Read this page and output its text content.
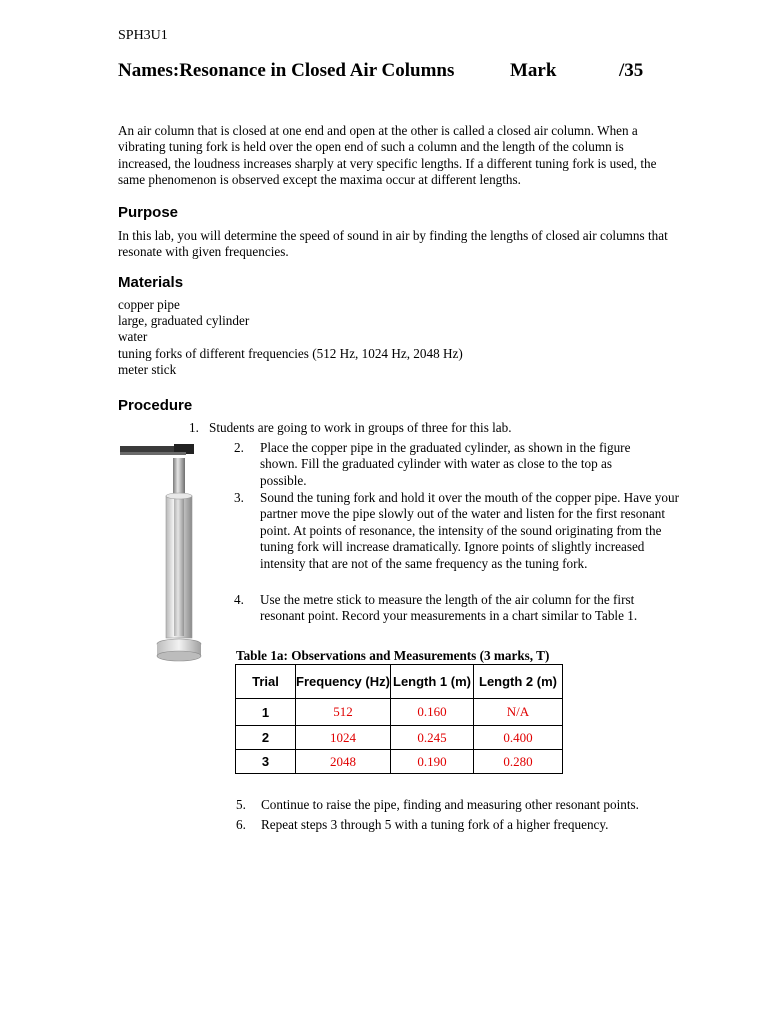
SPH3U1
Names:Resonance in Closed Air Columns	Mark	/35
An air column that is closed at one end and open at the other is called a closed air column. When a vibrating tuning fork is held over the open end of such a column and the length of the column is increased, the loudness increases sharply at very specific lengths. If a different tuning fork is used, the same phenomenon is observed except the maxima occur at different lengths.
Purpose
In this lab, you will determine the speed of sound in air by finding the lengths of closed air columns that resonate with given frequencies.
Materials
copper pipe
large, graduated cylinder
water
tuning forks of different frequencies (512 Hz, 1024 Hz, 2048 Hz)
meter stick
Procedure
1. Students are going to work in groups of three for this lab.
2. Place the copper pipe in the graduated cylinder, as shown in the figure shown. Fill the graduated cylinder with water as close to the top as possible.
3. Sound the tuning fork and hold it over the mouth of the copper pipe. Have your partner move the pipe slowly out of the water and listen for the first resonant point. At points of resonance, the intensity of the sound originating from the tuning fork will increase dramatically. Ignore points of slightly increased intensity that are not of the same frequency as the tuning fork.
4. Use the metre stick to measure the length of the air column for the first resonant point. Record your measurements in a chart similar to Table 1.
Table 1a: Observations and Measurements (3 marks, T)
Trial	Frequency (Hz)	Length 1 (m)	Length 2 (m)
1	512	0.160	N/A
2	1024	0.245	0.400
3	2048	0.190	0.280
5. Continue to raise the pipe, finding and measuring other resonant points.
6. Repeat steps 3 through 5 with a tuning fork of a higher frequency.
